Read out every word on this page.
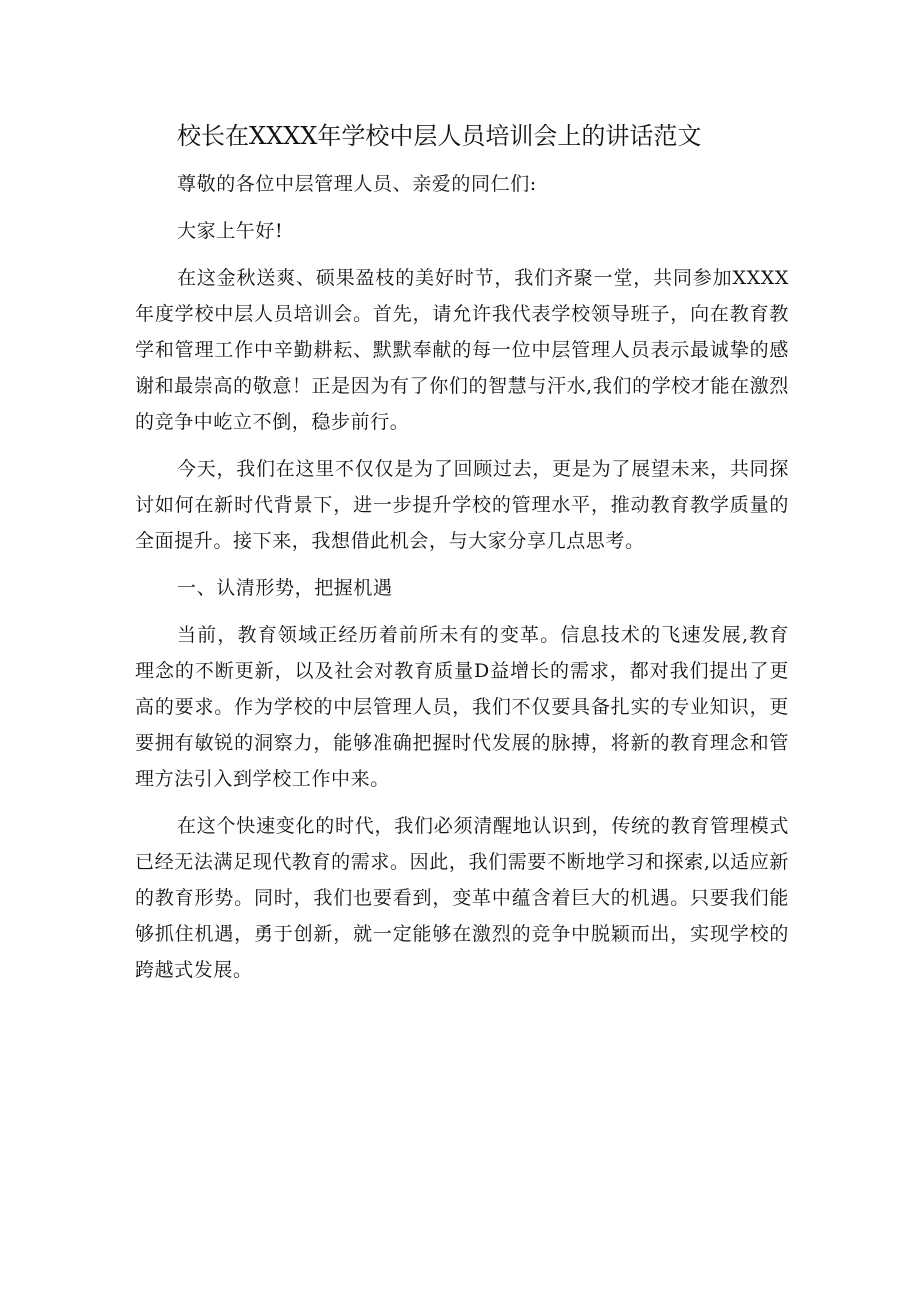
校长在XXXX年学校中层人员培训会上的讲话范文

尊敬的各位中层管理人员、亲爱的同仁们:

大家上午好!

在这金秋送爽、硕果盈枝的美好时节，我们齐聚一堂，共同参加XXXX年度学校中层人员培训会。首先，请允许我代表学校领导班子，向在教育教学和管理工作中辛勤耕耘、默默奉献的每一位中层管理人员表示最诚挚的感谢和最崇高的敬意！正是因为有了你们的智慧与汗水,我们的学校才能在激烈的竞争中屹立不倒，稳步前行。

今天，我们在这里不仅仅是为了回顾过去，更是为了展望未来，共同探讨如何在新时代背景下，进一步提升学校的管理水平，推动教育教学质量的全面提升。接下来，我想借此机会，与大家分享几点思考。

一、认清形势，把握机遇

当前，教育领域正经历着前所未有的变革。信息技术的飞速发展,教育理念的不断更新，以及社会对教育质量D益增长的需求，都对我们提出了更高的要求。作为学校的中层管理人员，我们不仅要具备扎实的专业知识，更要拥有敏锐的洞察力，能够准确把握时代发展的脉搏，将新的教育理念和管理方法引入到学校工作中来。

在这个快速变化的时代，我们必须清醒地认识到，传统的教育管理模式已经无法满足现代教育的需求。因此，我们需要不断地学习和探索,以适应新的教育形势。同时，我们也要看到，变革中蕴含着巨大的机遇。只要我们能够抓住机遇，勇于创新，就一定能够在激烈的竞争中脱颖而出，实现学校的跨越式发展。
